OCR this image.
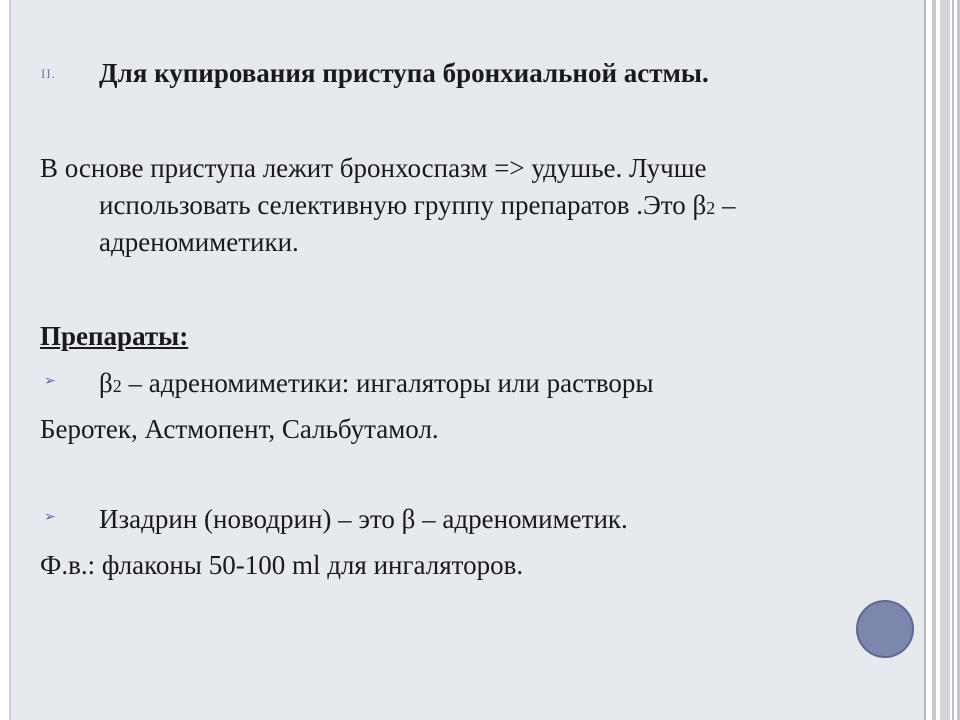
II. Для купирования приступа бронхиальной астмы.
В основе приступа лежит бронхоспазм => удушье. Лучше
использовать селективную группу препаратов .Это β2 –
адреномиметики.
Препараты:
➢ β2 – адреномиметики: ингаляторы или растворы
Беротек, Астмопент, Сальбутамол.
➢ Изадрин (новодрин) – это β – адреномиметик.
Ф.в.: флаконы 50-100 ml для ингаляторов.
